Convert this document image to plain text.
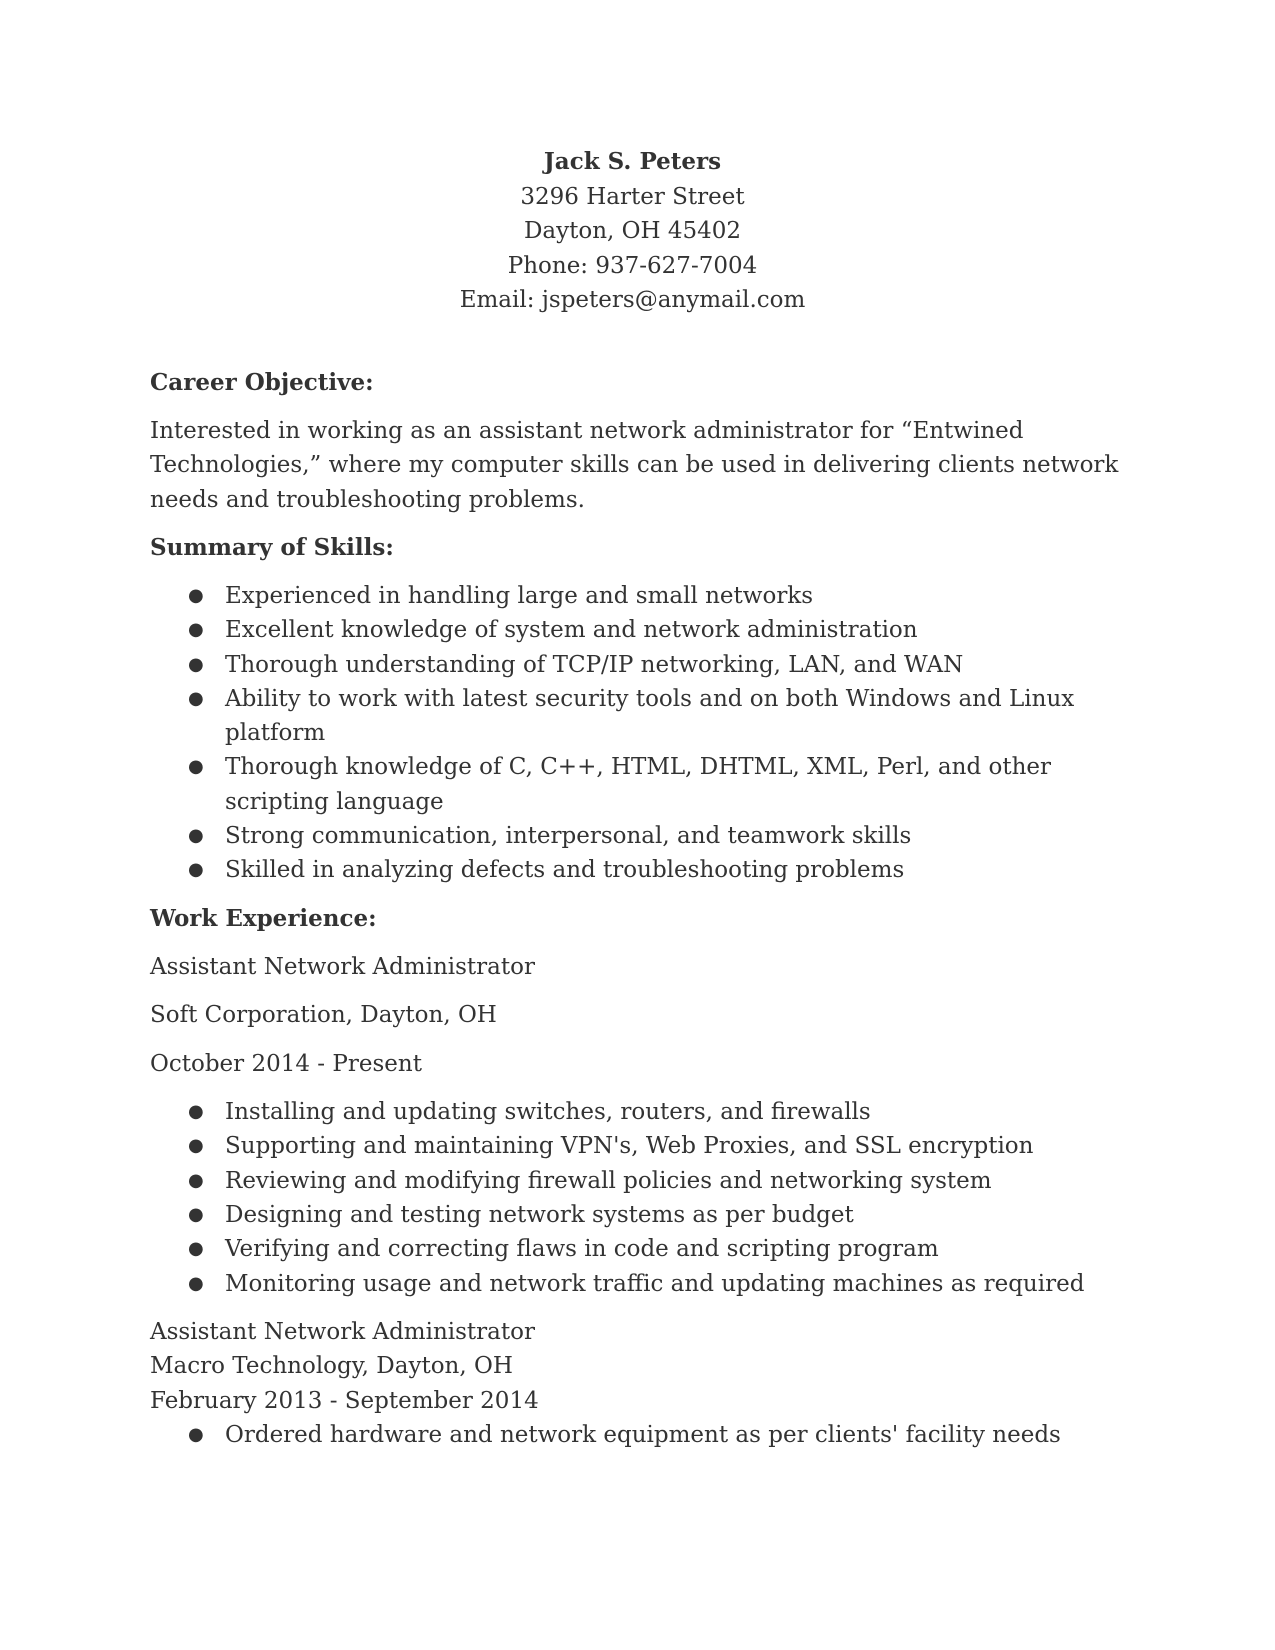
Jack S. Peters
3296 Harter Street
Dayton, OH 45402
Phone: 937-627-7004
Email: jspeters@anymail.com
Career Objective:
Interested in working as an assistant network administrator for “Entwined Technologies,” where my computer skills can be used in delivering clients network needs and troubleshooting problems.
Summary of Skills:
● Experienced in handling large and small networks
● Excellent knowledge of system and network administration
● Thorough understanding of TCP/IP networking, LAN, and WAN
● Ability to work with latest security tools and on both Windows and Linux platform
● Thorough knowledge of C, C++, HTML, DHTML, XML, Perl, and other scripting language
● Strong communication, interpersonal, and teamwork skills
● Skilled in analyzing defects and troubleshooting problems
Work Experience:
Assistant Network Administrator
Soft Corporation, Dayton, OH
October 2014 - Present
● Installing and updating switches, routers, and firewalls
● Supporting and maintaining VPN's, Web Proxies, and SSL encryption
● Reviewing and modifying firewall policies and networking system
● Designing and testing network systems as per budget
● Verifying and correcting flaws in code and scripting program
● Monitoring usage and network traffic and updating machines as required
Assistant Network Administrator
Macro Technology, Dayton, OH
February 2013 - September 2014
● Ordered hardware and network equipment as per clients' facility needs
